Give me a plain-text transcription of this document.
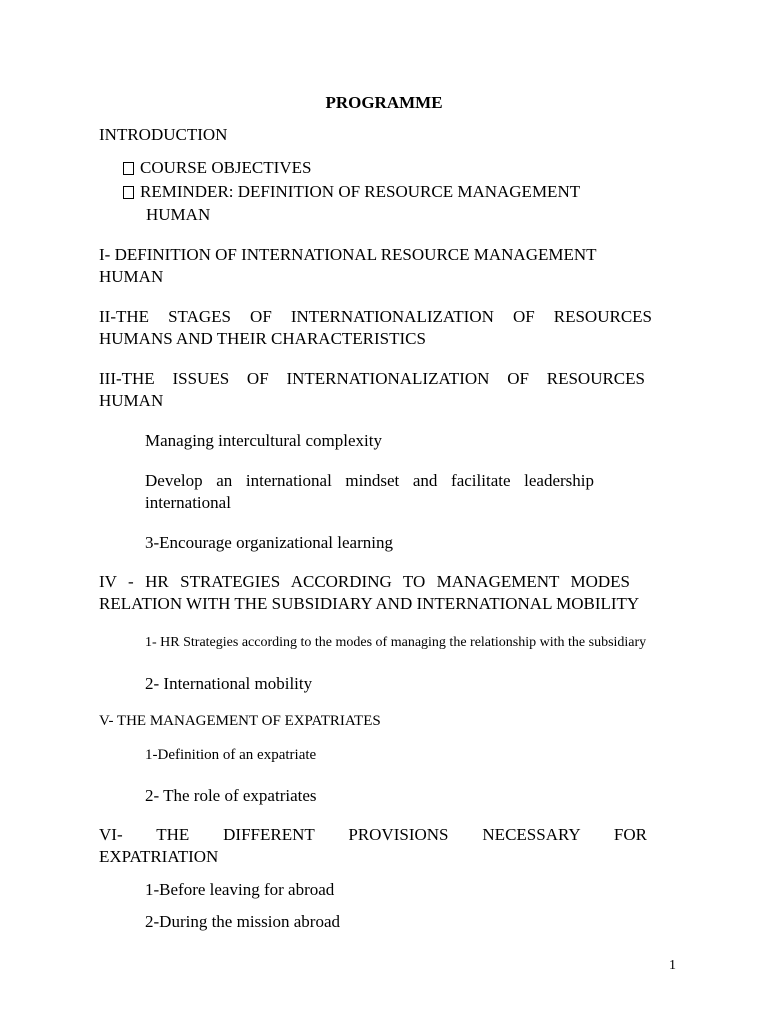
PROGRAMME
INTRODUCTION
COURSE OBJECTIVES
REMINDER: DEFINITION OF RESOURCE MANAGEMENT
HUMAN
I- DEFINITION OF INTERNATIONAL RESOURCE MANAGEMENT
HUMAN
II-THE STAGES OF INTERNATIONALIZATION OF RESOURCES
HUMANS AND THEIR CHARACTERISTICS
III-THE ISSUES OF INTERNATIONALIZATION OF RESOURCES
HUMAN
Managing intercultural complexity
Develop an international mindset and facilitate leadership
international
3-Encourage organizational learning
IV - HR STRATEGIES ACCORDING TO MANAGEMENT MODES
RELATION WITH THE SUBSIDIARY AND INTERNATIONAL MOBILITY
1- HR Strategies according to the modes of managing the relationship with the subsidiary
2- International mobility
V- THE MANAGEMENT OF EXPATRIATES
1-Definition of an expatriate
2- The role of expatriates
VI- THE DIFFERENT PROVISIONS NECESSARY FOR
EXPATRIATION
1-Before leaving for abroad
2-During the mission abroad
1
